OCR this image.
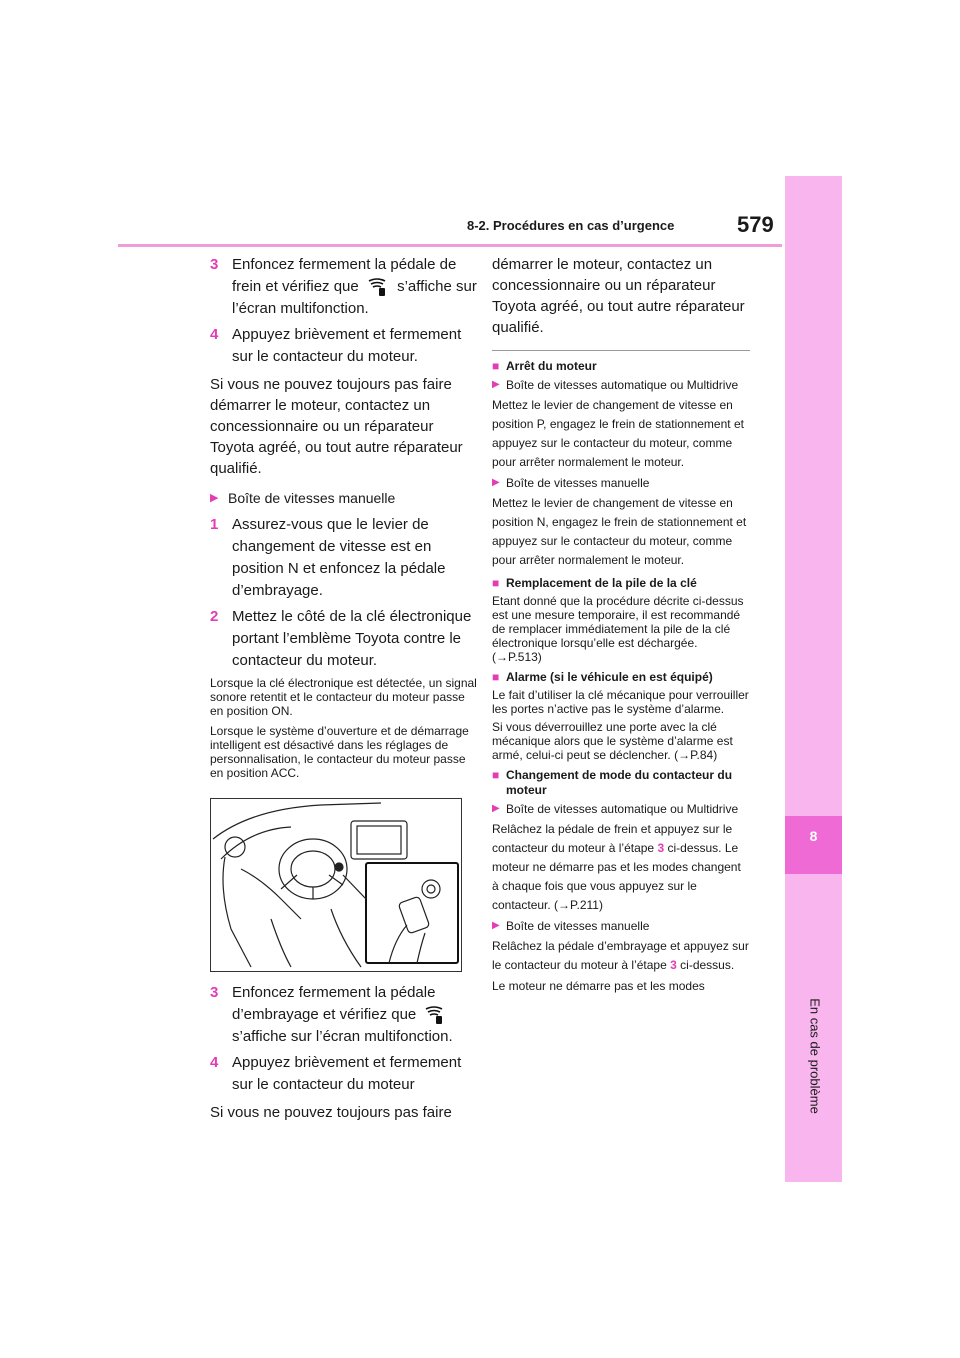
8-2. Procédures en cas d’urgence	579
8
En cas de problème
3 Enfoncez fermement la pédale de frein et vérifiez que	s’affiche sur l’écran multifonction.
4 Appuyez brièvement et fermement sur le contacteur du moteur.
Si vous ne pouvez toujours pas faire démarrer le moteur, contactez un concessionnaire ou un réparateur Toyota agréé, ou tout autre réparateur qualifié.
▶ Boîte de vitesses manuelle
1 Assurez-vous que le levier de changement de vitesse est en position N et enfoncez la pédale d’embrayage.
2 Mettez le côté de la clé électronique portant l’emblème Toyota contre le contacteur du moteur.
Lorsque la clé électronique est détectée, un signal sonore retentit et le contacteur du moteur passe en position ON.
Lorsque le système d’ouverture et de démarrage intelligent est désactivé dans les réglages de personnalisation, le contacteur du moteur passe en position ACC.
3 Enfoncez fermement la pédale d’embrayage et vérifiez que  s’affiche sur l’écran multifonction.
4 Appuyez brièvement et fermement sur le contacteur du moteur
Si vous ne pouvez toujours pas faire
démarrer le moteur, contactez un concessionnaire ou un réparateur Toyota agréé, ou tout autre réparateur qualifié.
■ Arrêt du moteur
▶ Boîte de vitesses automatique ou Multidrive
Mettez le levier de changement de vitesse en position P, engagez le frein de stationnement et appuyez sur le contacteur du moteur, comme pour arrêter normalement le moteur.
▶ Boîte de vitesses manuelle
Mettez le levier de changement de vitesse en position N, engagez le frein de stationnement et appuyez sur le contacteur du moteur, comme pour arrêter normalement le moteur.
■ Remplacement de la pile de la clé
Etant donné que la procédure décrite ci-dessus est une mesure temporaire, il est recommandé de remplacer immédiatement la pile de la clé électronique lorsqu’elle est déchargée. (→P.513)
■ Alarme (si le véhicule en est équipé)
Le fait d’utiliser la clé mécanique pour verrouiller les portes n’active pas le système d’alarme.
Si vous déverrouillez une porte avec la clé mécanique alors que le système d’alarme est armé, celui-ci peut se déclencher. (→P.84)
■ Changement de mode du contacteur du moteur
▶ Boîte de vitesses automatique ou Multidrive
Relâchez la pédale de frein et appuyez sur le contacteur du moteur à l’étape 3 ci-dessus. Le moteur ne démarre pas et les modes changent à chaque fois que vous appuyez sur le contacteur. (→P.211)
▶ Boîte de vitesses manuelle
Relâchez la pédale d’embrayage et appuyez sur le contacteur du moteur à l’étape 3 ci-dessus.
Le moteur ne démarre pas et les modes
